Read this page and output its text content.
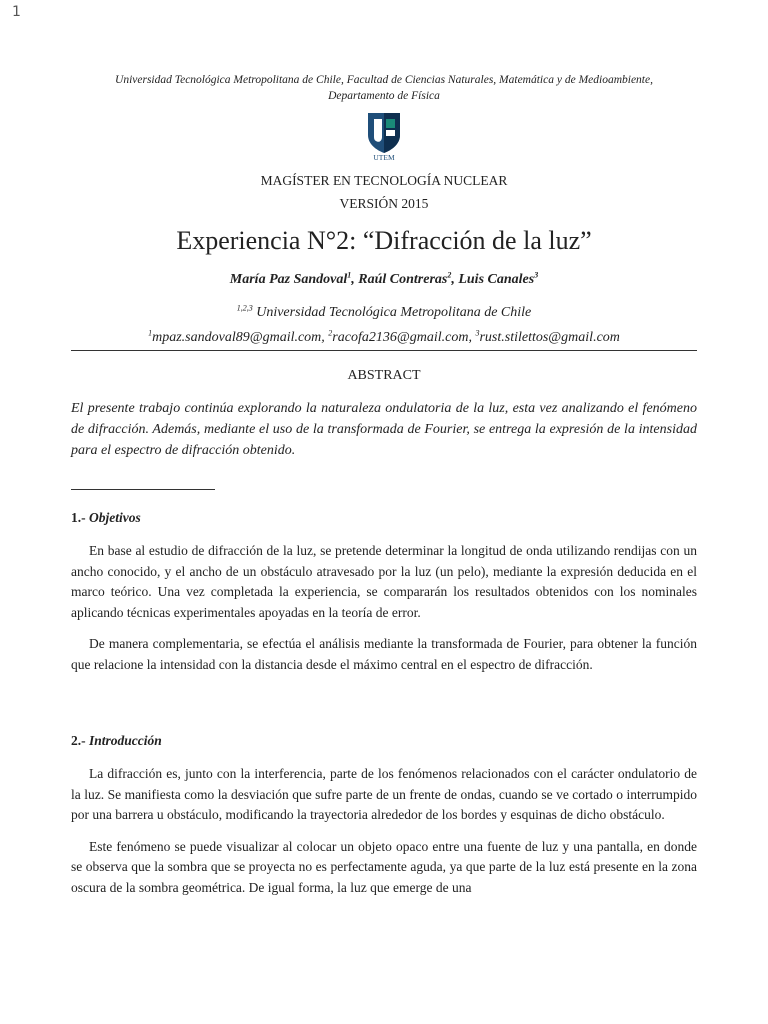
1
Universidad Tecnológica Metropolitana de Chile, Facultad de Ciencias Naturales, Matemática y de Medioambiente,
Departamento de Física
UTEM
MAGÍSTER EN TECNOLOGÍA NUCLEAR
VERSIÓN 2015
Experiencia N°2: “Difracción de la luz”
María Paz Sandoval$^1$, Raúl Contreras$^2$, Luis Canales$^3$
$^{1,2,3}$ Universidad Tecnológica Metropolitana de Chile
$^1$mpaz.sandoval89@gmail.com, $^2$racofa2136@gmail.com, $^3$rust.stilettos@gmail.com
ABSTRACT
El presente trabajo continúa explorando la naturaleza ondulatoria de la luz, esta vez analizando el fenómeno de difracción. Además, mediante el uso de la transformada de Fourier, se entrega la expresión de la intensidad para el espectro de difracción obtenido.
1.- Objetivos

En base al estudio de difracción de la luz, se pretende determinar la longitud de onda utilizando rendijas con un ancho conocido, y el ancho de un obstáculo atravesado por la luz (un pelo), mediante la expresión deducida en el marco teórico. Una vez completada la experiencia, se compararán los resultados obtenidos con los nominales aplicando técnicas experimentales apoyadas en la teoría de error.

De manera complementaria, se efectúa el análisis mediante la transformada de Fourier, para obtener la función que relacione la intensidad con la distancia desde el máximo central en el espectro de difracción.

2.- Introducción

La difracción es, junto con la interferencia, parte de los fenómenos relacionados con el carácter ondulatorio de la luz. Se manifiesta como la desviación que sufre parte de un frente de ondas, cuando se ve cortado o interrumpido por una barrera u obstáculo, modificando la trayectoria alrededor de los bordes y esquinas de dicho obstáculo.

Este fenómeno se puede visualizar al colocar un objeto opaco entre una fuente de luz y una pantalla, en donde se observa que la sombra que se proyecta no es perfectamente aguda, ya que parte de la luz está presente en la zona oscura de la sombra geométrica. De igual forma, la luz que emerge de una
